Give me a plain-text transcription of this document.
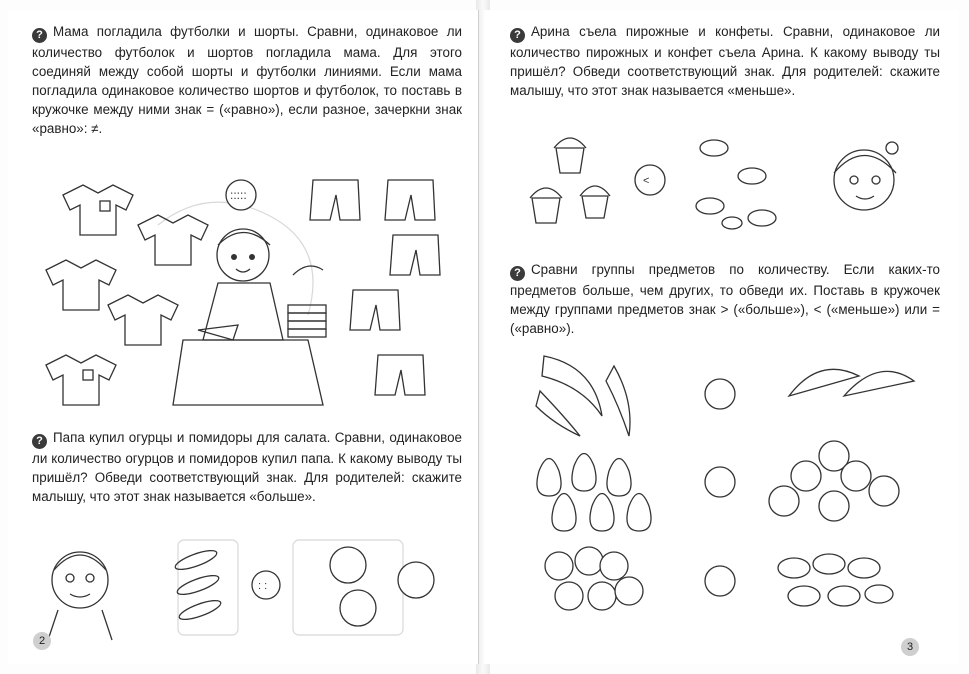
? Мама погладила футболки и шорты. Сравни, одинаковое ли количество футболок и шортов погладила мама. Для этого соединяй между собой шорты и футболки линиями. Если мама погладила одинаковое количество шортов и футболок, то поставь в кружочке между ними знак = («равно»), если разное, зачеркни знак «равно»: ≠.
:::::
? Папа купил огурцы и помидоры для салата. Сравни, одинаковое ли количество огурцов и помидоров купил папа. К какому выводу ты пришёл? Обведи соответствующий знак. Для родителей: скажите малышу, что этот знак называется «больше».
: :
2
? Арина съела пирожные и конфеты. Сравни, одинаковое ли количество пирожных и конфет съела Арина. К какому выводу ты пришёл? Обведи соответствующий знак. Для родителей: скажите малышу, что этот знак называется «меньше».
<
? Сравни группы предметов по количеству. Если каких-то предметов больше, чем других, то обведи их. Поставь в кружочек между группами предметов знак > («больше»), < («меньше») или = («равно»).
3
